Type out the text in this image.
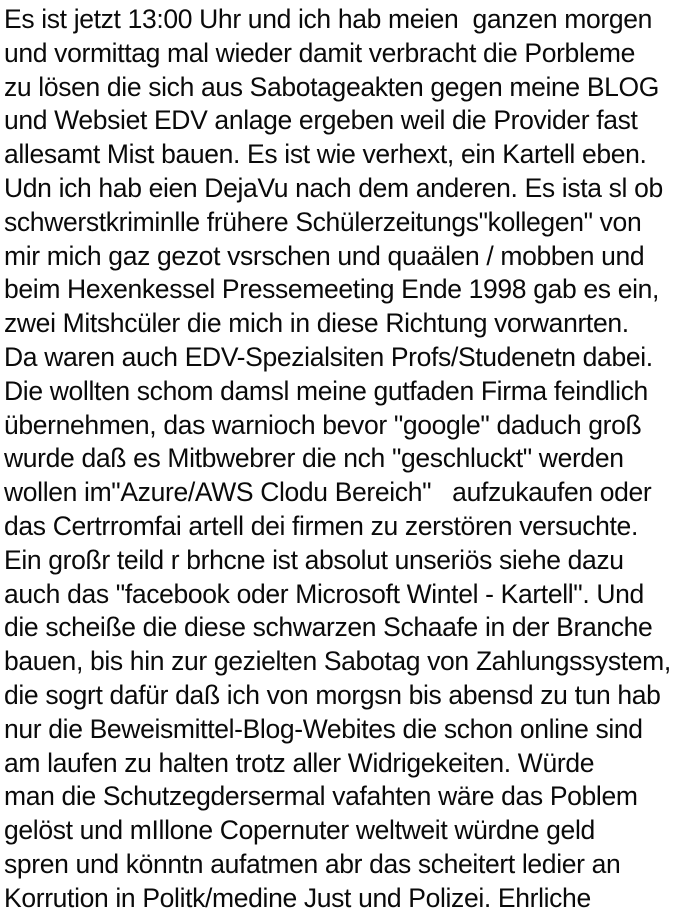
Es ist jetzt 13:00 Uhr und ich hab meien  ganzen morgen
und vormittag mal wieder damit verbracht die Porbleme
zu lösen die sich aus Sabotageakten gegen meine BLOG
und Websiet EDV anlage ergeben weil die Provider fast
allesamt Mist bauen. Es ist wie verhext, ein Kartell eben.
Udn ich hab eien DejaVu nach dem anderen. Es ista sl ob
schwerstkriminlle frühere Schülerzeitungs"kollegen" von
mir mich gaz gezot vsrschen und quaälen / mobben und
beim Hexenkessel Pressemeeting Ende 1998 gab es ein,
zwei Mitshcüler die mich in diese Richtung vorwanrten.
Da waren auch EDV-Spezialsiten Profs/Studenetn dabei.
Die wollten schom damsl meine gutfaden Firma feindlich
übernehmen, das warnioch bevor "google" daduch groß
wurde daß es Mitbwebrer die nch "geschluckt" werden
wollen im"Azure/AWS Clodu Bereich"   aufzukaufen oder
das Certrromfai artell dei firmen zu zerstören versuchte.
Ein großr teild r brhcne ist absolut unseriös siehe dazu
auch das "facebook oder Microsoft Wintel - Kartell". Und
die scheiße die diese schwarzen Schaafe in der Branche
bauen, bis hin zur gezielten Sabotag von Zahlungssystem,
die sogrt dafür daß ich von morgsn bis abensd zu tun hab
nur die Beweismittel-Blog-Webites die schon online sind
am laufen zu halten trotz aller Widrigekeiten. Würde
man die Schutzegdersermal vafahten wäre das Poblem
gelöst und mIllone Copernuter weltweit würdne geld
spren und könntn aufatmen abr das scheitert ledier an
Korrution in Politk/medine Just und Polizei. Ehrliche
